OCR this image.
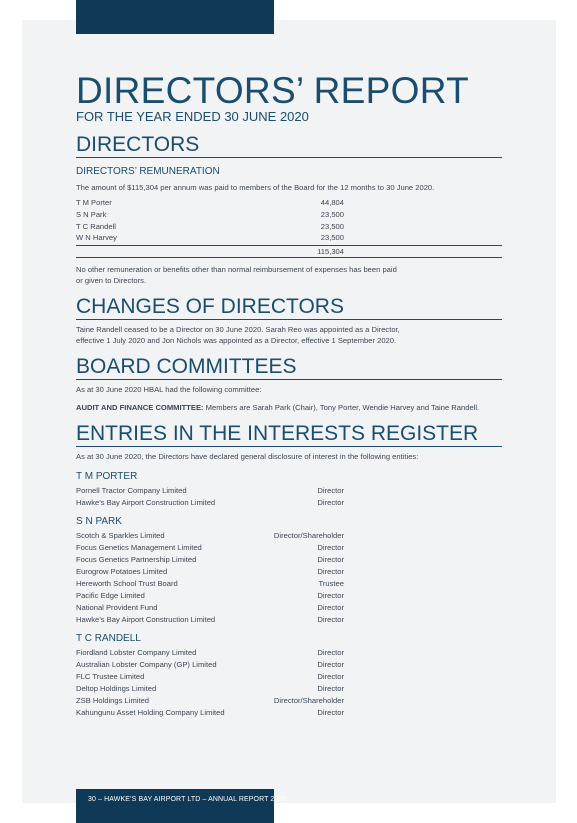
DIRECTORS’ REPORT
FOR THE YEAR ENDED 30 JUNE 2020
DIRECTORS
DIRECTORS’ REMUNERATION

The amount of $115,304 per annum was paid to members of the Board for the 12 months to 30 June 2020.

T M Porter	44,804
S N Park	23,500
T C Randell	23,500
W N Harvey	23,500
115,304

No other remuneration or benefits other than normal reimbursement of expenses has been paid

or given to Directors.

CHANGES OF DIRECTORS

Taine Randell ceased to be a Director on 30 June 2020. Sarah Reo was appointed as a Director,

effective 1 July 2020 and Jon Nichols was appointed as a Director, effective 1 September 2020.

BOARD COMMITTEES

As at 30 June 2020 HBAL had the following committee:

AUDIT AND FINANCE COMMITTEE: Members are Sarah Park (Chair), Tony Porter, Wendie Harvey and Taine Randell.

ENTRIES IN THE INTERESTS REGISTER

As at 30 June 2020, the Directors have declared general disclosure of interest in the following entities:

T M PORTER
Pornell Tractor Company Limited	Director
Hawke’s Bay Airport Construction Limited	Director
S N PARK
Scotch & Sparkles Limited	Director/Shareholder
Focus Genetics Management Limited	Director
Focus Genetics Partnership Limited	Director
Eurogrow Potatoes Limited	Director
Hereworth School Trust Board	Trustee
Pacific Edge Limited	Director
National Provident Fund	Director
Hawke’s Bay Airport Construction Limited	Director
T C RANDELL
Fiordland Lobster Company Limited	Director
Australian Lobster Company (GP) Limited	Director
FLC Trustee Limited	Director
Deltop Holdings Limited	Director
ZSB Holdings Limited	Director/Shareholder
Kahungunu Asset Holding Company Limited	Director
30 – HAWKE’S BAY AIRPORT LTD – ANNUAL REPORT 2020
